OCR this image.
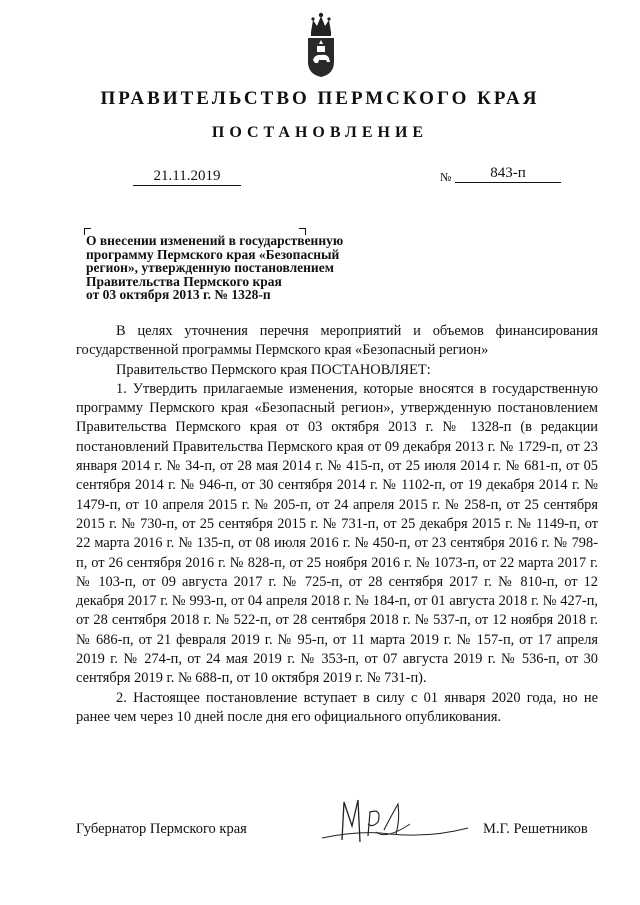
ПРАВИТЕЛЬСТВО ПЕРМСКОГО КРАЯ
ПОСТАНОВЛЕНИЕ
21.11.2019	№	843-п
О внесении изменений в государственную
программу Пермского края «Безопасный
регион», утвержденную постановлением
Правительства Пермского края
от 03 октября 2013 г. № 1328-п

В целях уточнения перечня мероприятий и объемов финансирования государственной программы Пермского края «Безопасный регион»

Правительство Пермского края ПОСТАНОВЛЯЕТ:

1. Утвердить прилагаемые изменения, которые вносятся в государственную программу Пермского края «Безопасный регион», утвержденную постановлением Правительства Пермского края от 03 октября 2013 г. № 1328-п (в редакции постановлений Правительства Пермского края от 09 декабря 2013 г. № 1729-п, от 23 января 2014 г. № 34-п, от 28 мая 2014 г. № 415-п, от 25 июля 2014 г. № 681-п, от 05 сентября 2014 г. № 946-п, от 30 сентября 2014 г. № 1102-п, от 19 декабря 2014 г. № 1479-п, от 10 апреля 2015 г. № 205-п, от 24 апреля 2015 г. № 258-п, от 25 сентября 2015 г. № 730-п, от 25 сентября 2015 г. № 731-п, от 25 декабря 2015 г. № 1149-п, от 22 марта 2016 г. № 135-п, от 08 июля 2016 г. № 450-п, от 23 сентября 2016 г. № 798-п, от 26 сентября 2016 г. № 828-п, от 25 ноября 2016 г. № 1073-п, от 22 марта 2017 г. № 103-п, от 09 августа 2017 г. № 725-п, от 28 сентября 2017 г. № 810-п, от 12 декабря 2017 г. № 993-п, от 04 апреля 2018 г. № 184-п, от 01 августа 2018 г. № 427-п, от 28 сентября 2018 г. № 522-п, от 28 сентября 2018 г. № 537-п, от 12 ноября 2018 г. № 686-п, от 21 февраля 2019 г. № 95-п, от 11 марта 2019 г. № 157-п, от 17 апреля 2019 г. № 274-п, от 24 мая 2019 г. № 353-п, от 07 августа 2019 г. № 536-п, от 30 сентября 2019 г. № 688-п, от 10 октября 2019 г. № 731-п).

2. Настоящее постановление вступает в силу с 01 января 2020 года, но не ранее чем через 10 дней после дня его официального опубликования.

Губернатор Пермского края	М.Г. Решетников
